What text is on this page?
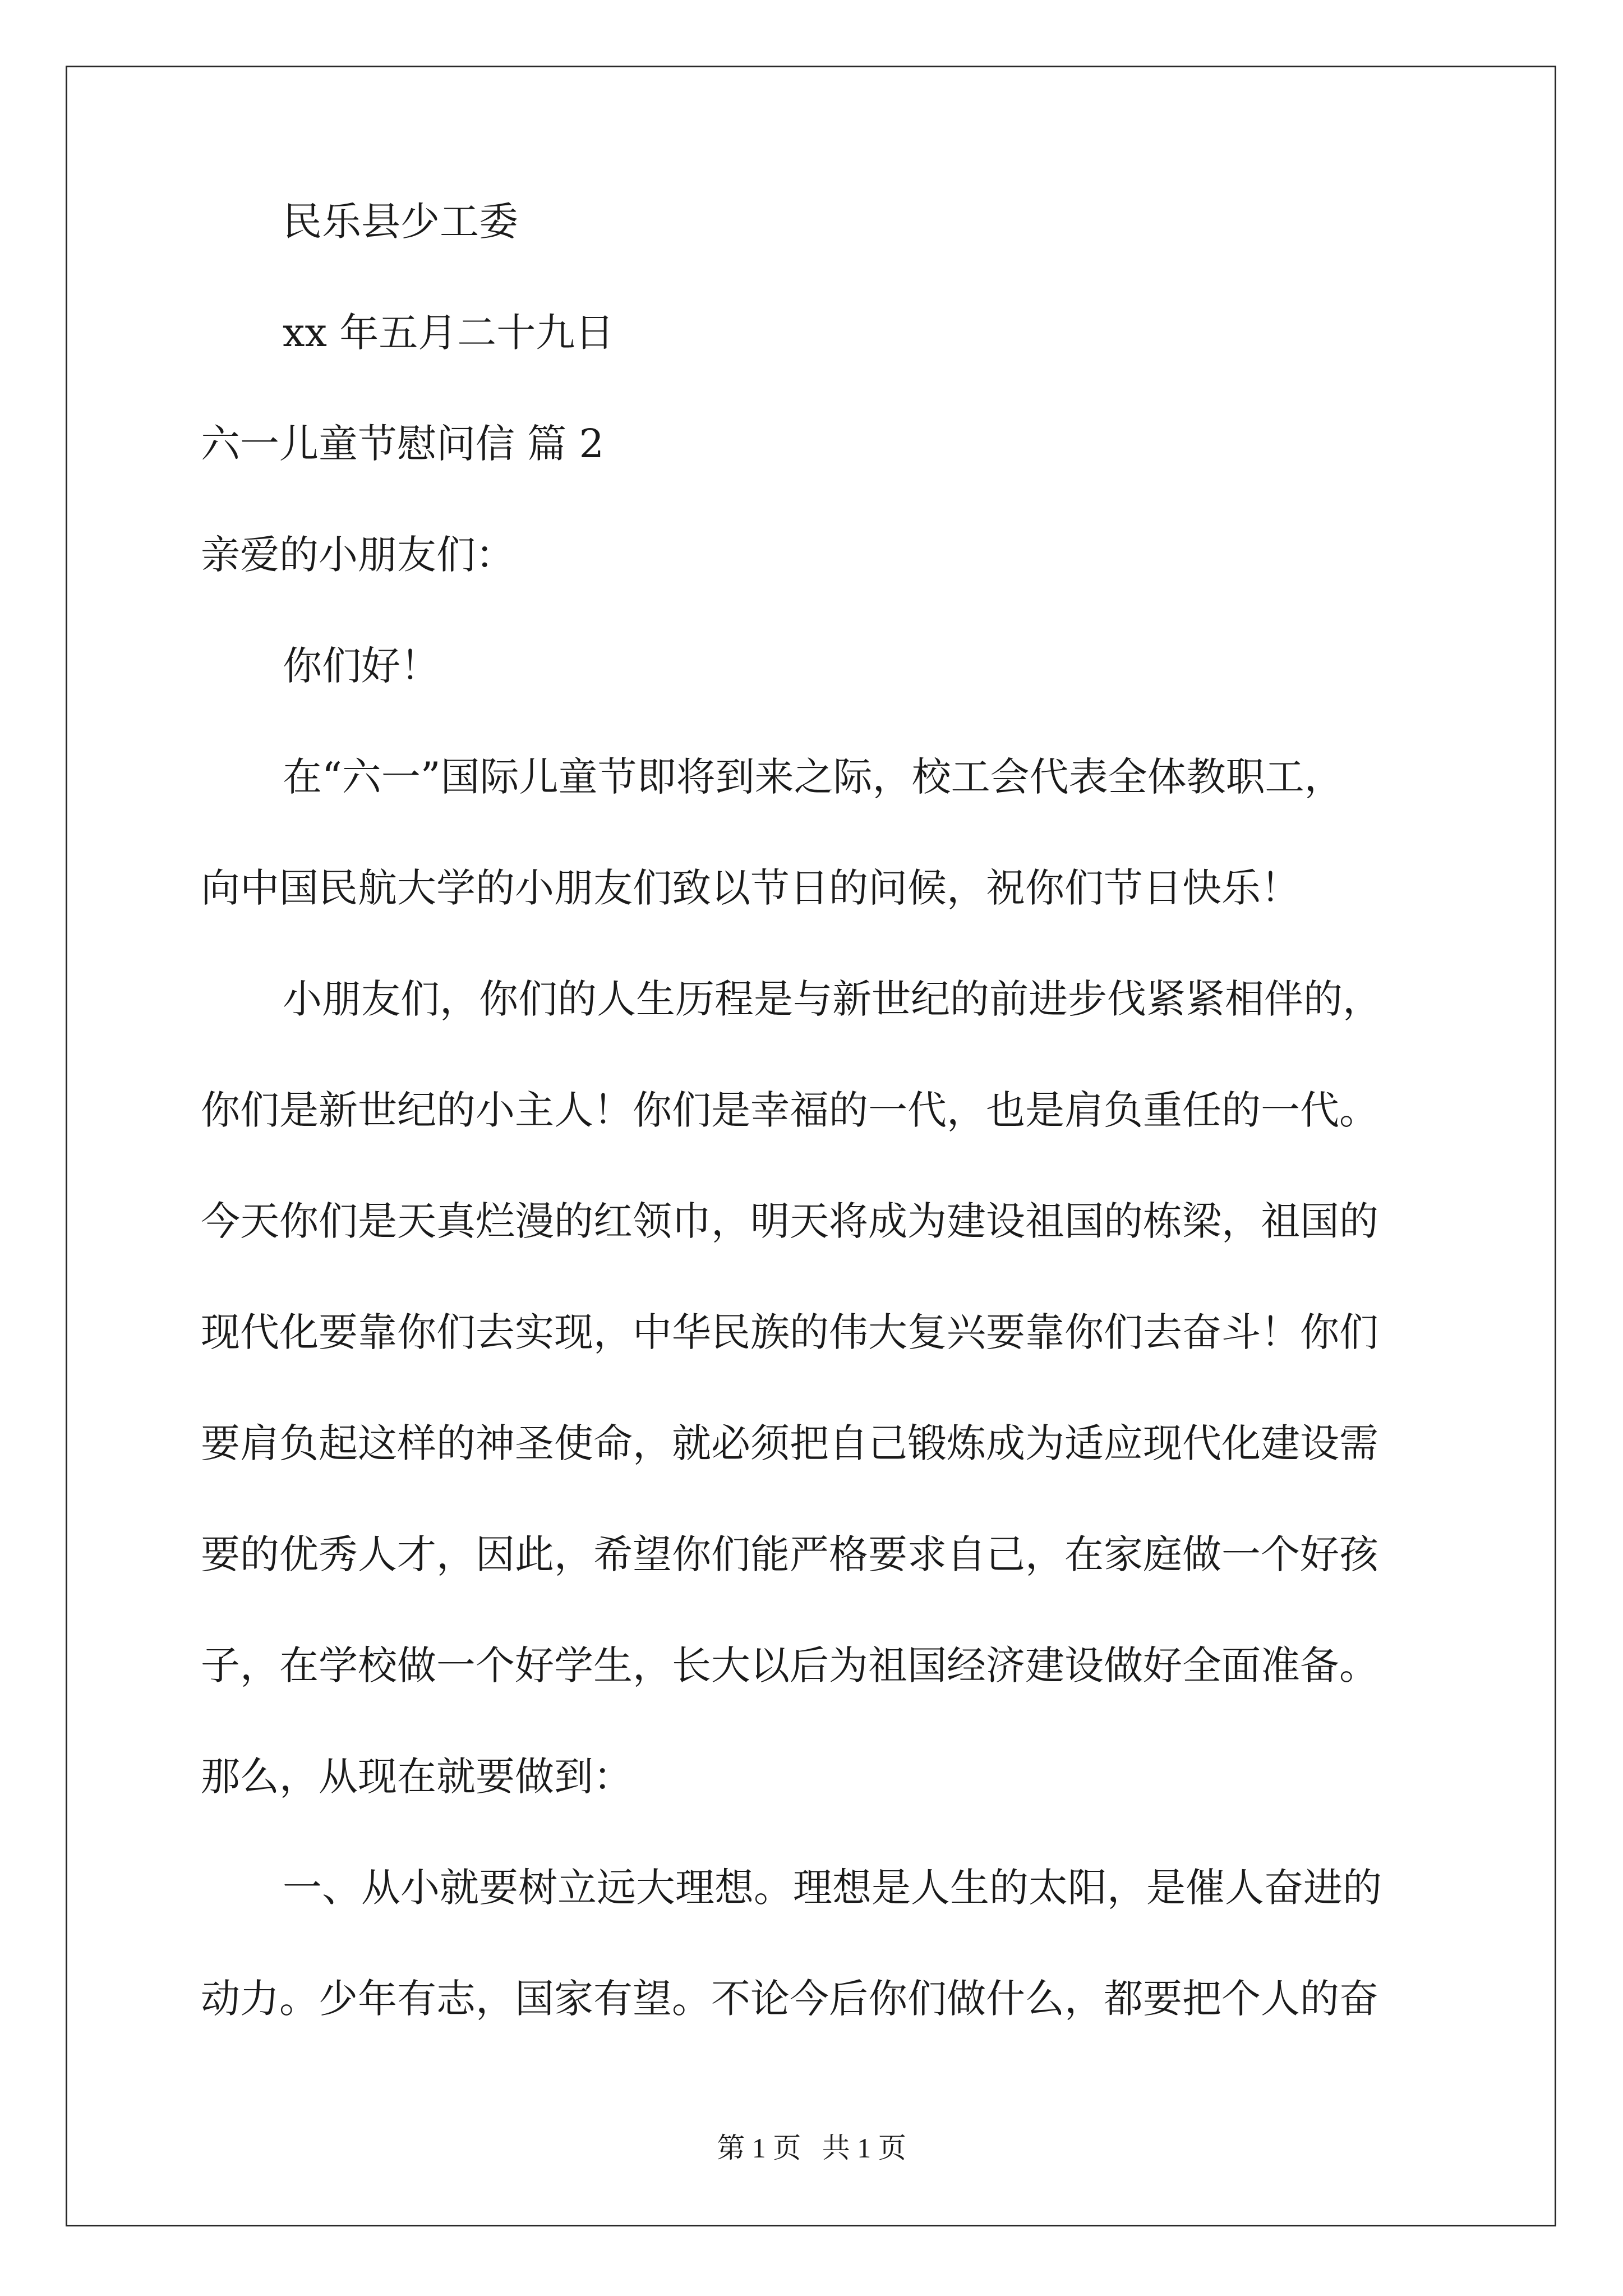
民乐县少工委
xx 年五月二十九日
六一儿童节慰问信 篇 2
亲爱的小朋友们：
你们好！
在“六一”国际儿童节即将到来之际，校工会代表全体教职工，
向中国民航大学的小朋友们致以节日的问候，祝你们节日快乐！
小朋友们，你们的人生历程是与新世纪的前进步伐紧紧相伴的，
你们是新世纪的小主人！你们是幸福的一代，也是肩负重任的一代。
今天你们是天真烂漫的红领巾，明天将成为建设祖国的栋梁，祖国的
现代化要靠你们去实现，中华民族的伟大复兴要靠你们去奋斗！你们
要肩负起这样的神圣使命，就必须把自己锻炼成为适应现代化建设需
要的优秀人才，因此，希望你们能严格要求自己，在家庭做一个好孩
子，在学校做一个好学生，长大以后为祖国经济建设做好全面准备。
那么，从现在就要做到：
一、从小就要树立远大理想。理想是人生的太阳，是催人奋进的
动力。少年有志，国家有望。不论今后你们做什么，都要把个人的奋
第 1 页   共 1 页
